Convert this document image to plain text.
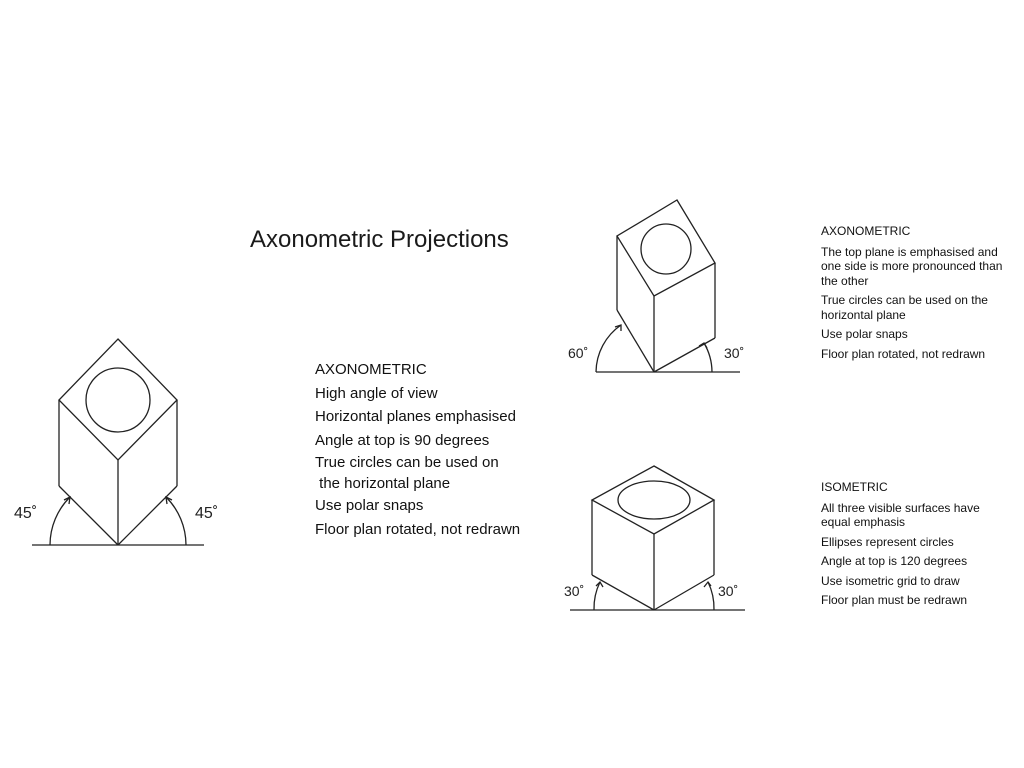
Axonometric Projections
45˚	45˚
60˚	30˚
30˚	30˚
AXONOMETRIC
High angle of view
Horizontal planes emphasised
Angle at top is 90 degrees
True circles can be used on
the horizontal plane
Use polar snaps
Floor plan rotated, not redrawn
AXONOMETRIC
The top plane is emphasised and one side is more pronounced than the other
True circles can be used on the horizontal plane
Use polar snaps
Floor plan rotated, not redrawn
ISOMETRIC
All three visible surfaces have equal emphasis
Ellipses represent circles
Angle at top is 120 degrees
Use isometric grid to draw
Floor plan must be redrawn
